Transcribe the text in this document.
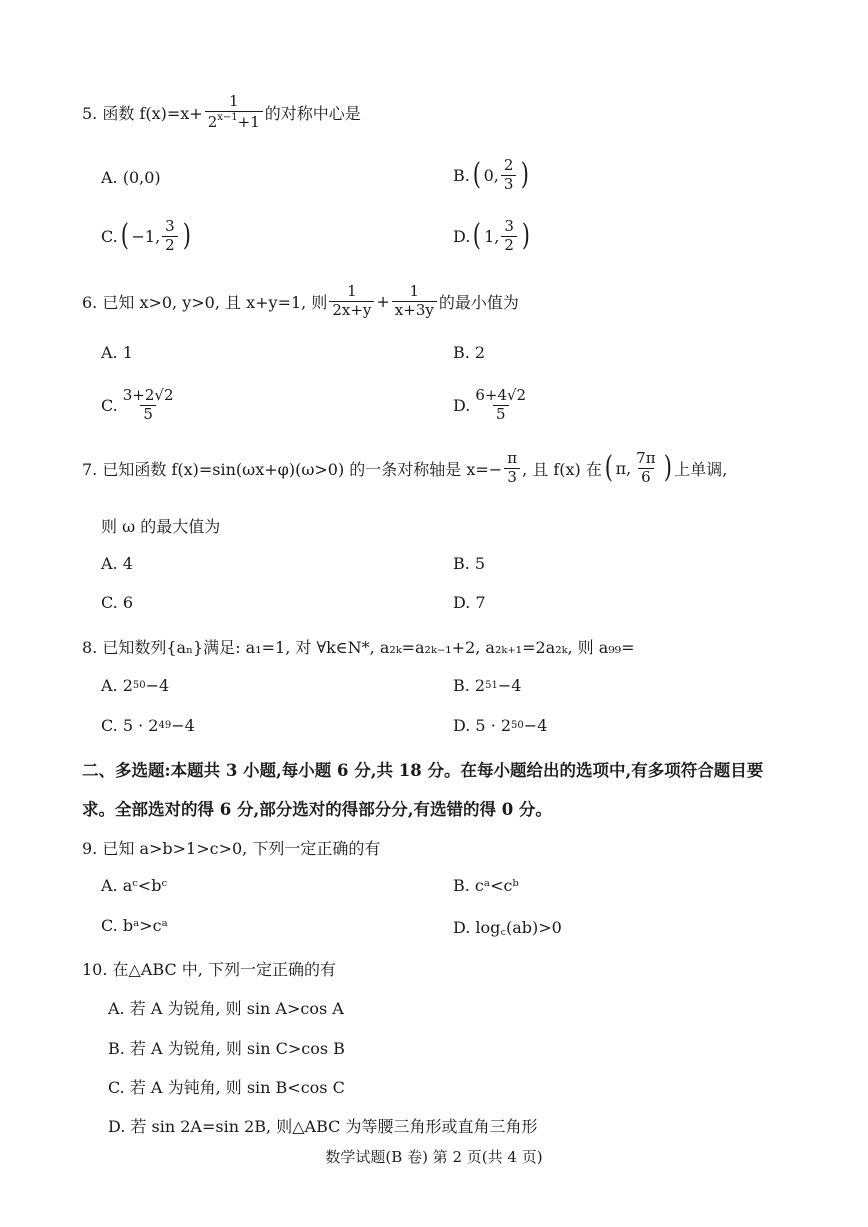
5. 函数 $f(x)=x+ \frac{1}{2^{x-1}+1}$ 的对称中心是
A. (0,0)	B. ( 0, $\frac{2}{3}$ )
C. ( −1, $\frac{3}{2}$ )	D. ( 1, $\frac{3}{2}$ )
6. 已知 x>0, y>0, 且 x+y=1, 则 $\frac{1}{2x+y} + \frac{1}{x+3y}$ 的最小值为
A. 1	B. 2
C. $\frac{3+2√2}{5}$	D. $\frac{6+4√2}{5}$
7. 已知函数 f(x)=sin(ωx+φ)(ω>0) 的一条对称轴是 $x=- \frac{\pi}{3}$ , 且 f(x) 在 ( π, $\frac{7\pi}{6}$ ) 上单调,
则 ω 的最大值为
A. 4	B. 5
C. 6	D. 7
8. 已知数列{aₙ}满足: a₁=1, 对 ∀k∈N*, a₂ₖ=a₂ₖ₋₁+2, a₂ₖ₊₁=2a₂ₖ, 则 a₉₉=
A. 2 50 −4	B. 2 51 −4
C. 5 · 2 49 −4	D. 5 · 2 50 −4
二、多选题:本题共 3 小题,每小题 6 分,共 18 分。在每小题给出的选项中,有多项符合题目要
求。全部选对的得 6 分,部分选对的得部分分,有选错的得 0 分。
9. 已知 a>b>1>c>0, 下列一定正确的有
A. aᶜ<bᶜ	B. cᵃ<cᵇ
C. bᵃ>cᵃ	D. log꜀(ab)>0
10. 在△ABC 中, 下列一定正确的有
A. 若 A 为锐角, 则 sin A>cos A
B. 若 A 为锐角, 则 sin C>cos B
C. 若 A 为钝角, 则 sin B<cos C
D. 若 sin 2A=sin 2B, 则△ABC 为等腰三角形或直角三角形
数学试题(B 卷) 第 2 页(共 4 页)
